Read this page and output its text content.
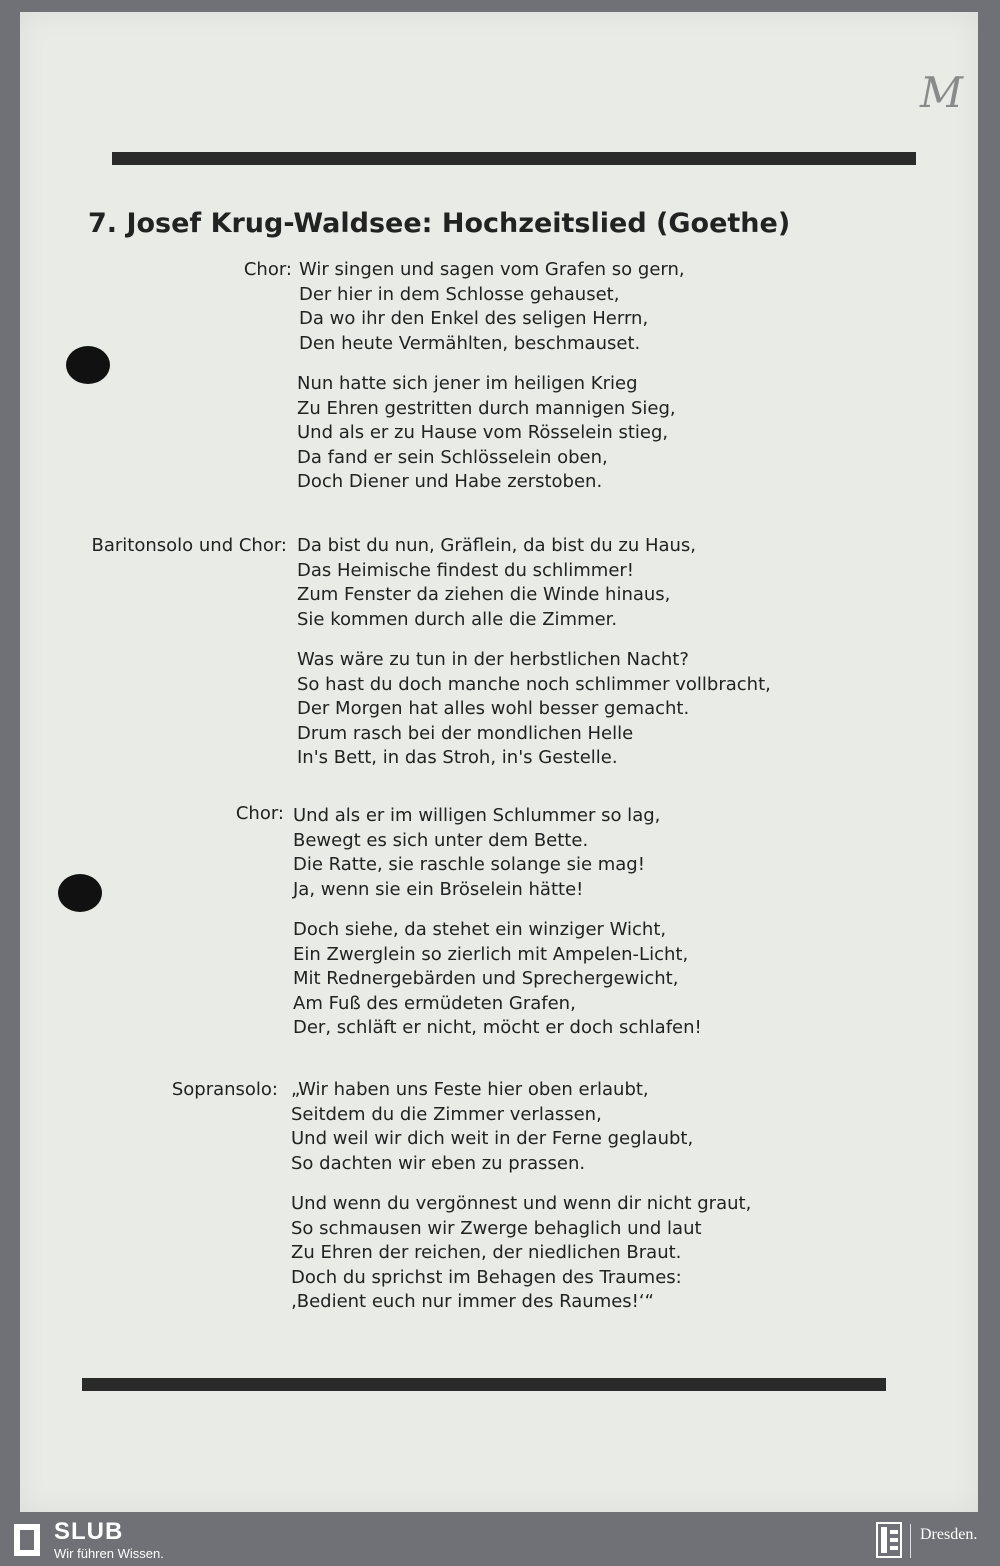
M
7. Josef Krug-Waldsee: Hochzeitslied (Goethe)
Chor: Wir singen und sagen vom Grafen so gern,
Der hier in dem Schlosse gehauset,
Da wo ihr den Enkel des seligen Herrn,
Den heute Vermählten, beschmauset.
Nun hatte sich jener im heiligen Krieg
Zu Ehren gestritten durch mannigen Sieg,
Und als er zu Hause vom Rösselein stieg,
Da fand er sein Schlösselein oben,
Doch Diener und Habe zerstoben.
Baritonsolo und Chor: Da bist du nun, Gräflein, da bist du zu Haus,
Das Heimische findest du schlimmer!
Zum Fenster da ziehen die Winde hinaus,
Sie kommen durch alle die Zimmer.
Was wäre zu tun in der herbstlichen Nacht?
So hast du doch manche noch schlimmer vollbracht,
Der Morgen hat alles wohl besser gemacht.
Drum rasch bei der mondlichen Helle
In's Bett, in das Stroh, in's Gestelle.
Chor: Und als er im willigen Schlummer so lag,
Bewegt es sich unter dem Bette.
Die Ratte, sie raschle solange sie mag!
Ja, wenn sie ein Bröselein hätte!
Doch siehe, da stehet ein winziger Wicht,
Ein Zwerglein so zierlich mit Ampelen-Licht,
Mit Rednergebärden und Sprechergewicht,
Am Fuß des ermüdeten Grafen,
Der, schläft er nicht, möcht er doch schlafen!
Sopransolo: „Wir haben uns Feste hier oben erlaubt,
Seitdem du die Zimmer verlassen,
Und weil wir dich weit in der Ferne geglaubt,
So dachten wir eben zu prassen.
Und wenn du vergönnest und wenn dir nicht graut,
So schmausen wir Zwerge behaglich und laut
Zu Ehren der reichen, der niedlichen Braut.
Doch du sprichst im Behagen des Traumes:
‚Bedient euch nur immer des Raumes!‘“
SLUB
Wir führen Wissen.
Dresden.
